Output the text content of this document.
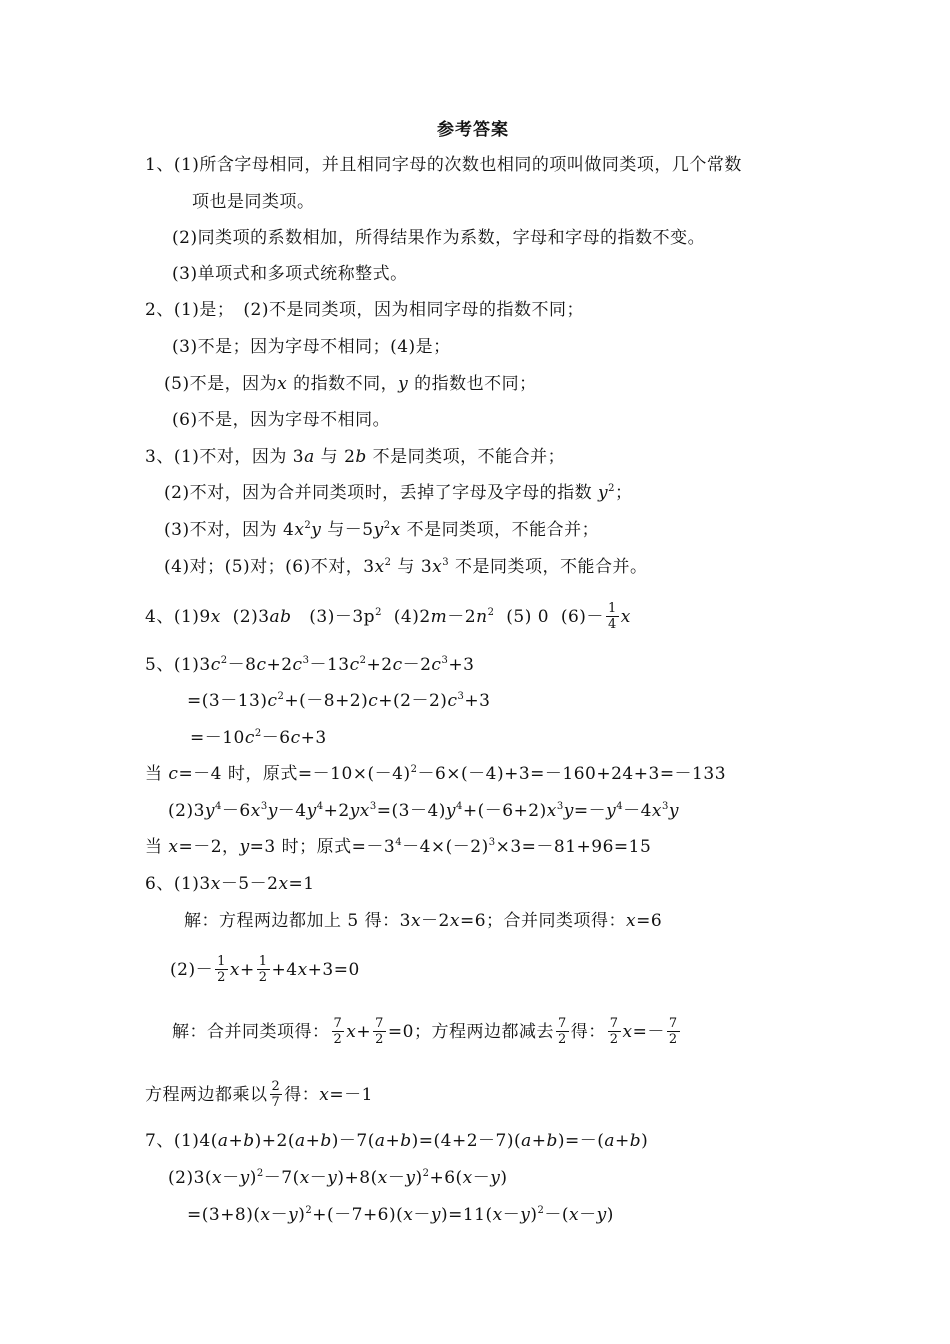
参考答案
1、(1)所含字母相同，并且相同字母的次数也相同的项叫做同类项，几个常数
项也是同类项。
(2)同类项的系数相加，所得结果作为系数，字母和字母的指数不变。
(3)单项式和多项式统称整式。
2、(1)是；　(2)不是同类项，因为相同字母的指数不同；
(3)不是；因为字母不相同；(4)是；
(5)不是，因为x 的指数不同，y 的指数也不同；
(6)不是，因为字母不相同。
3、(1)不对，因为 3a 与 2b 不是同类项，不能合并；
(2)不对，因为合并同类项时，丢掉了字母及字母的指数 $y^2$；
(3)不对，因为 $4x^2y$ 与$-5y^2x$ 不是同类项，不能合并；
(4)对；(5)对；(6)不对，$3x^2$ 与 $3x^3$ 不是同类项，不能合并。
4、(1)9x  (2)3ab   $(3)-3p^2$  $(4)2m-2n^2$  (5) 0  $(6)- \frac{1}{4}$ x
5、$(1)3c^2-8c+2c^3-13c^2+2c-2c^3+3$
$=(3-13)c^2+(-8+2)c+(2-2)c^3+3$
$=-10c^2-6c+3$
当 c=－4 时，原式$=-10\times(-4)^2-6\times(-4)+3=-160+24+3=-133$
$(2)3y^4-6x^3y-4y^4+2yx^3=(3-4)y^4+(-6+2)x^3y=-y^4-4x^3y$
当 x=－2，y=3 时；原式$=-3^4-4\times(-2)^3\times 3=-81+96=15$
6、(1)3x－5－2x=1
解：方程两边都加上 5 得：3x－2x=6；合并同类项得：x=6
$(2)- \frac{1}{2} x+ \frac{1}{2} +4x+3=0$
解：合并同类项得： $\frac{7}{2} x+ \frac{7}{2} =0$；方程两边都减去 $\frac{7}{2}$ 得： $\frac{7}{2} x=- \frac{7}{2}$
方程两边都乘以 $\frac{2}{7}$ 得：x=－1
7、(1)4(a+b)+2(a+b)－7(a+b)=(4+2－7)(a+b)=－(a+b)
$(2)3(x-y)^2-7(x-y)+8(x-y)^2+6(x-y)$
$=(3+8)(x-y)^2+(-7+6)(x-y)=11(x-y)^2-(x-y)$
